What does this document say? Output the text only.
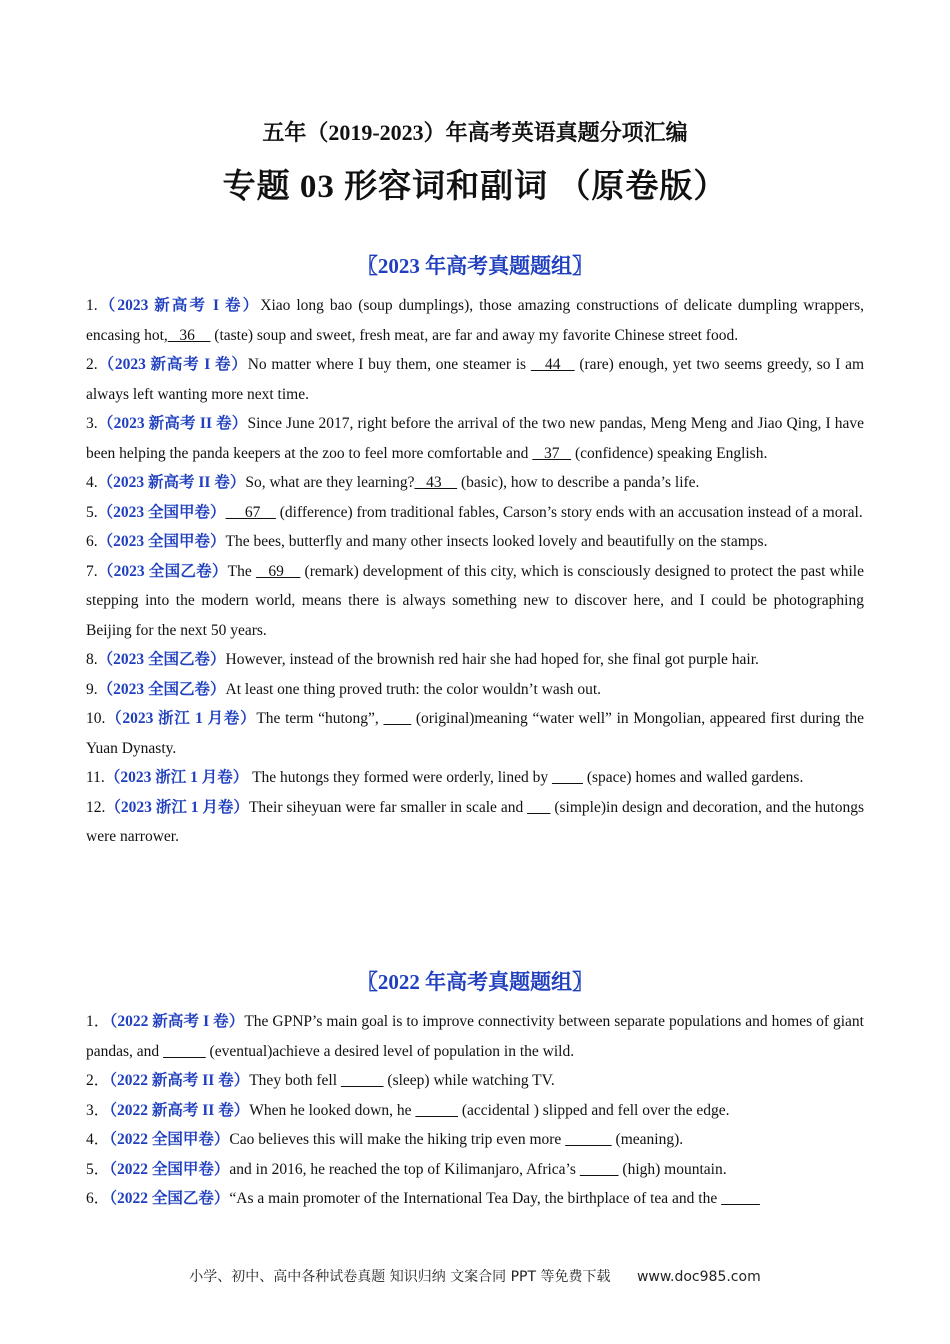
五年（2019-2023）年高考英语真题分项汇编
专题 03 形容词和副词 （原卷版）
〖2023 年高考真题题组〗

1.（2023 新高考 I 卷）Xiao long bao (soup dumplings), those amazing constructions of delicate dumpling wrappers, encasing hot,   36     (taste) soup and sweet, fresh meat, are far and away my favorite Chinese street food.

2.（2023 新高考 I 卷）No matter where I buy them, one steamer is    44    (rare) enough, yet two seems greedy, so I am always left wanting more next time.

3.（2023 新高考 II 卷）Since June 2017, right before the arrival of the two new pandas, Meng Meng and Jiao Qing, I have been helping the panda keepers at the zoo to feel more comfortable and    37    (confidence) speaking English.

4.（2023 新高考 II 卷）So, what are they learning?   43     (basic), how to describe a panda’s life.

5.（2023 全国甲卷）     67     (difference) from traditional fables, Carson’s story ends with an accusation instead of a moral.

6.（2023 全国甲卷）The bees, butterfly and many other insects looked lovely and beautifully on the stamps.

7.（2023 全国乙卷）The    69     (remark) development of this city, which is consciously designed to protect the past while stepping into the modern world, means there is always something new to discover here, and I could be photographing Beijing for the next 50 years.

8.（2023 全国乙卷）However, instead of the brownish red hair she had hoped for, she final got purple hair.

9.（2023 全国乙卷）At least one thing proved truth: the color wouldn’t wash out.

10.（2023 浙江 1 月卷）The term “hutong”,        (original)meaning “water well” in Mongolian, appeared first during the Yuan Dynasty.

11.（2023 浙江 1 月卷） The hutongs they formed were orderly, lined by          (space) homes and walled gardens.

12.（2023 浙江 1 月卷）Their siheyuan were far smaller in scale and        (simple)in design and decoration, and the hutongs were narrower.

〖2022 年高考真题题组〗

1．（2022 新高考 I 卷）The GPNP’s main goal is to improve connectivity between separate populations and homes of giant pandas, and	(eventual)achieve a desired level of population in the wild.

2．（2022 新高考 II 卷）They both fell	(sleep) while watching TV.

3．（2022 新高考 II 卷）When he looked down, he	(accidental ) slipped and fell over the edge.

4．（2022 全国甲卷）Cao believes this will make the hiking trip even more	(meaning).

5．（2022 全国甲卷）and in 2016, he reached the top of Kilimanjaro, Africa’s	(high) mountain.

6．（2022 全国乙卷）“As a main promoter of the International Tea Day, the birthplace of tea and the

小学、初中、高中各种试卷真题 知识归纳 文案合同 PPT 等免费下载 www.doc985.com
